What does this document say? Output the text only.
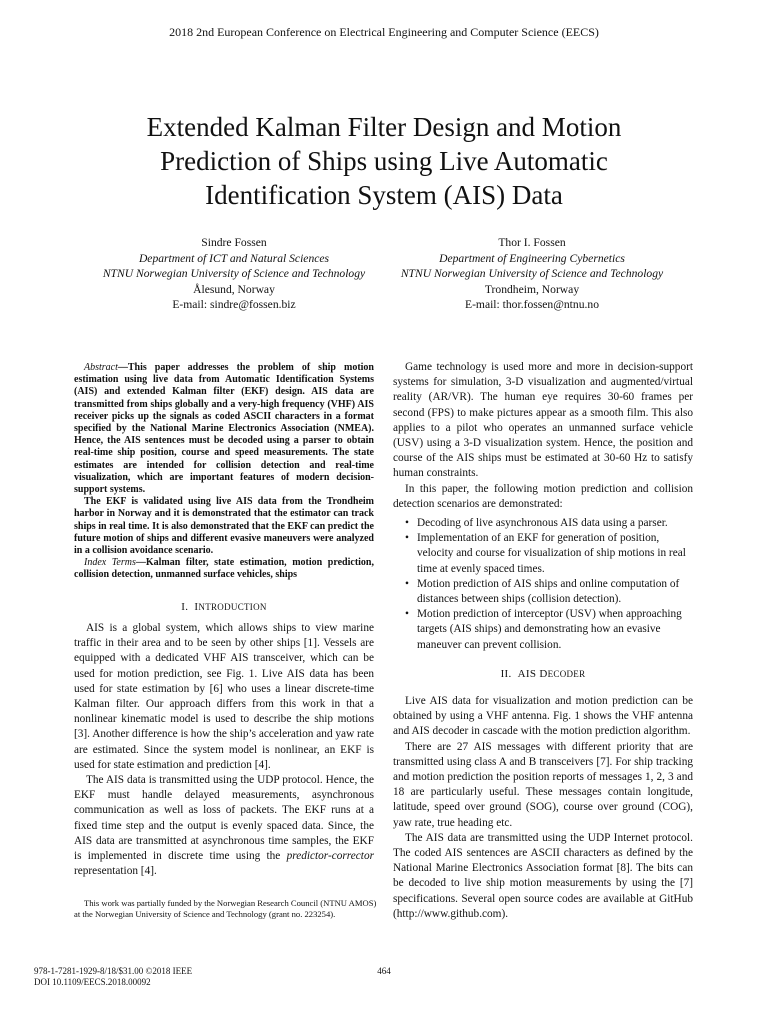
2018 2nd European Conference on Electrical Engineering and Computer Science (EECS)
Extended Kalman Filter Design and Motion
Prediction of Ships using Live Automatic
Identification System (AIS) Data
Sindre Fossen
Department of ICT and Natural Sciences
NTNU Norwegian University of Science and Technology
Ålesund, Norway
E-mail: sindre@fossen.biz
Thor I. Fossen
Department of Engineering Cybernetics
NTNU Norwegian University of Science and Technology
Trondheim, Norway
E-mail: thor.fossen@ntnu.no

Abstract—This paper addresses the problem of ship motion estimation using live data from Automatic Identification Systems (AIS) and extended Kalman filter (EKF) design. AIS data are transmitted from ships globally and a very-high frequency (VHF) AIS receiver picks up the signals as coded ASCII characters in a format specified by the National Marine Electronics Association (NMEA). Hence, the AIS sentences must be decoded using a parser to obtain real-time ship position, course and speed measurements. The state estimates are intended for collision detection and real-time visualization, which are important features of modern decision-support systems.

The EKF is validated using live AIS data from the Trondheim harbor in Norway and it is demonstrated that the estimator can track ships in real time. It is also demonstrated that the EKF can predict the future motion of ships and different evasive maneuvers were analyzed in a collision avoidance scenario.

Index Terms—Kalman filter, state estimation, motion prediction, collision detection, unmanned surface vehicles, ships

I. INTRODUCTION

AIS is a global system, which allows ships to view marine traffic in their area and to be seen by other ships [1]. Vessels are equipped with a dedicated VHF AIS transceiver, which can be used for motion prediction, see Fig. 1. Live AIS data has been used for state estimation by [6] who uses a linear discrete-time Kalman filter. Our approach differs from this work in that a nonlinear kinematic model is used to describe the ship motions [3]. Another difference is how the ship’s acceleration and yaw rate are estimated. Since the system model is nonlinear, an EKF is used for state estimation and prediction [4].

The AIS data is transmitted using the UDP protocol. Hence, the EKF must handle delayed measurements, asynchronous communication as well as loss of packets. The EKF runs at a fixed time step and the output is evenly spaced data. Since, the AIS data are transmitted at asynchronous time samples, the EKF is implemented in discrete time using the predictor-corrector representation [4].

This work was partially funded by the Norwegian Research Council (NTNU AMOS) at the Norwegian University of Science and Technology (grant no. 223254).

Game technology is used more and more in decision-support systems for simulation, 3-D visualization and augmented/virtual reality (AR/VR). The human eye requires 30-60 frames per second (FPS) to make pictures appear as a smooth film. This also applies to a pilot who operates an unmanned surface vehicle (USV) using a 3-D visualization system. Hence, the position and course of the AIS ships must be estimated at 30-60 Hz to satisfy human constraints.

In this paper, the following motion prediction and collision detection scenarios are demonstrated:

• Decoding of live asynchronous AIS data using a parser.
• Implementation of an EKF for generation of position, velocity and course for visualization of ship motions in real time at evenly spaced times.
• Motion prediction of AIS ships and online computation of distances between ships (collision detection).
• Motion prediction of interceptor (USV) when approaching targets (AIS ships) and demonstrating how an evasive maneuver can prevent collision.
II. AIS DECODER

Live AIS data for visualization and motion prediction can be obtained by using a VHF antenna. Fig. 1 shows the VHF antenna and AIS decoder in cascade with the motion prediction algorithm.

There are 27 AIS messages with different priority that are transmitted using class A and B transceivers [7]. For ship tracking and motion prediction the position reports of messages 1, 2, 3 and 18 are particularly useful. These messages contain longitude, latitude, speed over ground (SOG), course over ground (COG), yaw rate, true heading etc.

The AIS data are transmitted using the UDP Internet protocol. The coded AIS sentences are ASCII characters as defined by the National Marine Electronics Association format [8]. The bits can be decoded to live ship motion measurements by using the [7] specifications. Several open source codes are available at GitHub (http://www.github.com).

978-1-7281-1929-8/18/$31.00 ©2018 IEEE
DOI 10.1109/EECS.2018.00092
464
